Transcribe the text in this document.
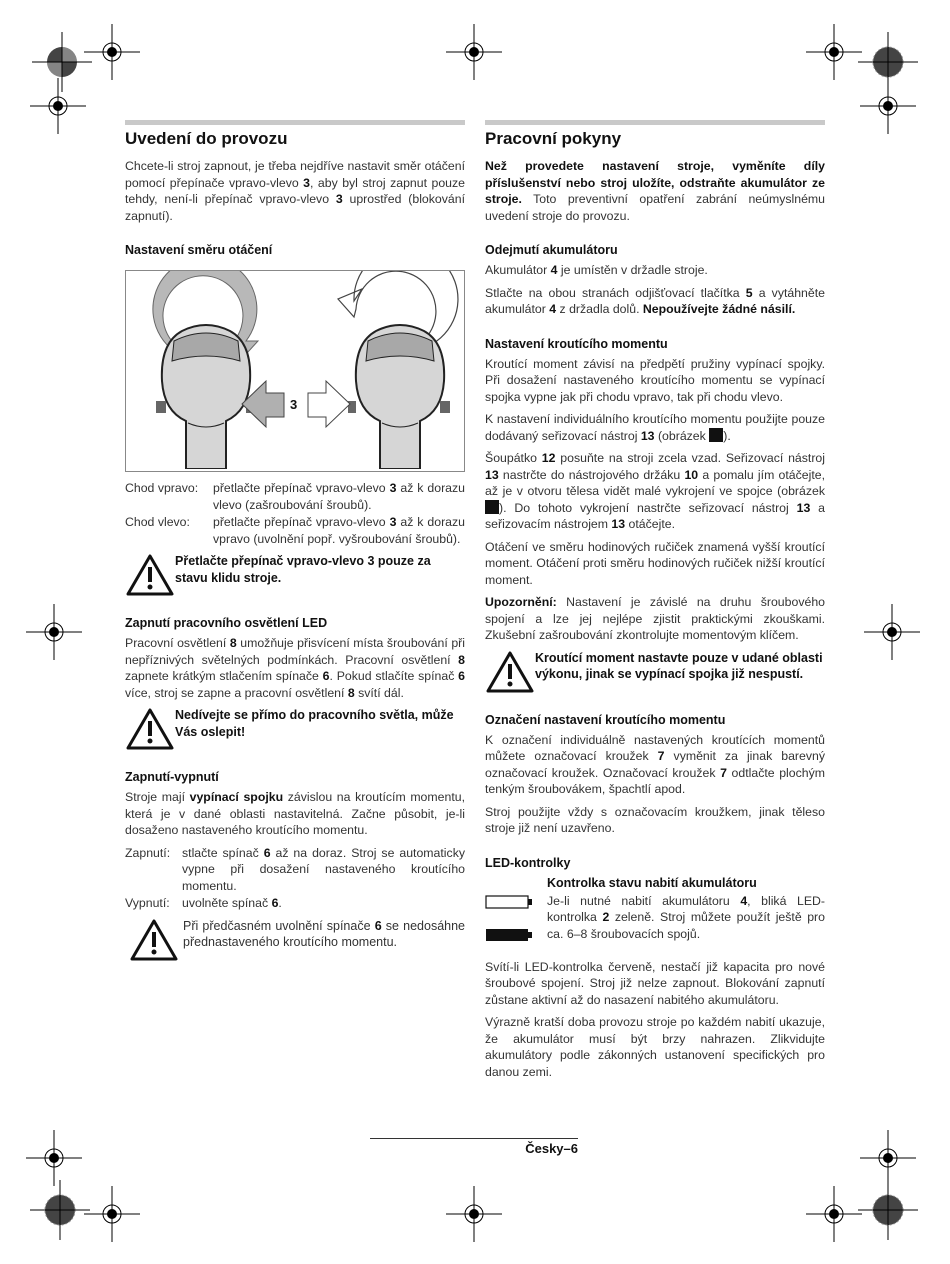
Uvedení do provozu

Chcete-li stroj zapnout, je třeba nejdříve nastavit směr otáčení pomocí přepínače vpravo-vlevo 3, aby byl stroj zapnut pouze tehdy, není-li přepínač vpravo-vlevo 3 uprostřed (blokování zapnutí).

Nastavení směru otáčení
3
Chod vpravo:	přetlačte přepínač vpravo-vlevo 3 až k dorazu vlevo (zašroubování šroubů).
Chod vlevo:	přetlačte přepínač vpravo-vlevo 3 až k dorazu vpravo (uvolnění popř. vyšroubování šroubů).
Přetlačte přepínač vpravo-vlevo 3 pouze za stavu klidu stroje.
Zapnutí pracovního osvětlení LED

Pracovní osvětlení 8 umožňuje přisvícení místa šroubování při nepříznivých světelných podmínkách. Pracovní osvětlení 8 zapnete krátkým stlačením spínače 6. Pokud stlačíte spínač 6 více, stroj se zapne a pracovní osvětlení 8 svítí dál.

Nedívejte se přímo do pracovního světla, může Vás oslepit!
Zapnutí-vypnutí

Stroje mají vypínací spojku závislou na kroutícím momentu, která je v dané oblasti nastavitelná. Začne působit, je-li dosaženo nastaveného kroutícího momentu.

Zapnutí: stlačte spínač 6 až na doraz. Stroj se automaticky vypne při dosažení nastaveného kroutícího momentu.
Vypnutí:	uvolněte spínač 6.
Při předčasném uvolnění spínače 6 se nedosáhne přednastaveného kroutícího momentu.
Pracovní pokyny

Než provedete nastavení stroje, vyměníte díly příslušenství nebo stroj uložíte, odstraňte akumulátor ze stroje. Toto preventivní opatření zabrání neúmyslnému uvedení stroje do provozu.

Odejmutí akumulátoru

Akumulátor 4 je umístěn v držadle stroje.

Stlačte na obou stranách odjišťovací tlačítka 5 a vytáhněte akumulátor 4 z držadla dolů. Nepoužívejte žádné násilí.

Nastavení kroutícího momentu

Kroutící moment závisí na předpětí pružiny vypínací spojky. Při dosažení nastaveného kroutícího momentu se vypínací spojka vypne jak při chodu vpravo, tak při chodu vlevo.

K nastavení individuálního kroutícího momentu použijte pouze dodávaný seřizovací nástroj 13 (obrázek ).

Šoupátko 12 posuňte na stroji zcela vzad. Seřizovací nástroj 13 nastrčte do nástrojového držáku 10 a pomalu jím otáčejte, až je v otvoru tělesa vidět malé vykrojení ve spojce (obrázek ). Do tohoto vykrojení nastrčte seřizovací nástroj 13 a seřizovacím nástrojem 13 otáčejte.

Otáčení ve směru hodinových ručiček znamená vyšší kroutící moment. Otáčení proti směru hodinových ručiček nižší kroutící moment.

Upozornění: Nastavení je závislé na druhu šroubového spojení a lze jej nejlépe zjistit praktickými zkouškami. Zkušební zašroubování zkontrolujte momentovým klíčem.

Kroutící moment nastavte pouze v udané oblasti výkonu, jinak se vypínací spojka již nespustí.
Označení nastavení kroutícího momentu

K označení individuálně nastavených kroutících momentů můžete označovací kroužek 7 vyměnit za jinak barevný označovací kroužek. Označovací kroužek 7 odtlačte plochým tenkým šroubovákem, špachtlí apod.

Stroj použijte vždy s označovacím kroužkem, jinak těleso stroje již není uzavřeno.

LED-kontrolky

Kontrolka stavu nabití akumulátoru

Je-li nutné nabití akumulátoru 4, bliká LED-kontrolka 2 zeleně. Stroj můžete použít ještě pro ca. 6–8 šroubovacích spojů.

Svítí-li LED-kontrolka červeně, nestačí již kapacita pro nové šroubové spojení. Stroj již nelze zapnout. Blokování zapnutí zůstane aktivní až do nasazení nabitého akumulátoru.

Výrazně kratší doba provozu stroje po každém nabití ukazuje, že akumulátor musí být brzy nahrazen. Zlikvidujte akumulátory podle zákonných ustanovení specifických pro danou zemi.

Česky–6
